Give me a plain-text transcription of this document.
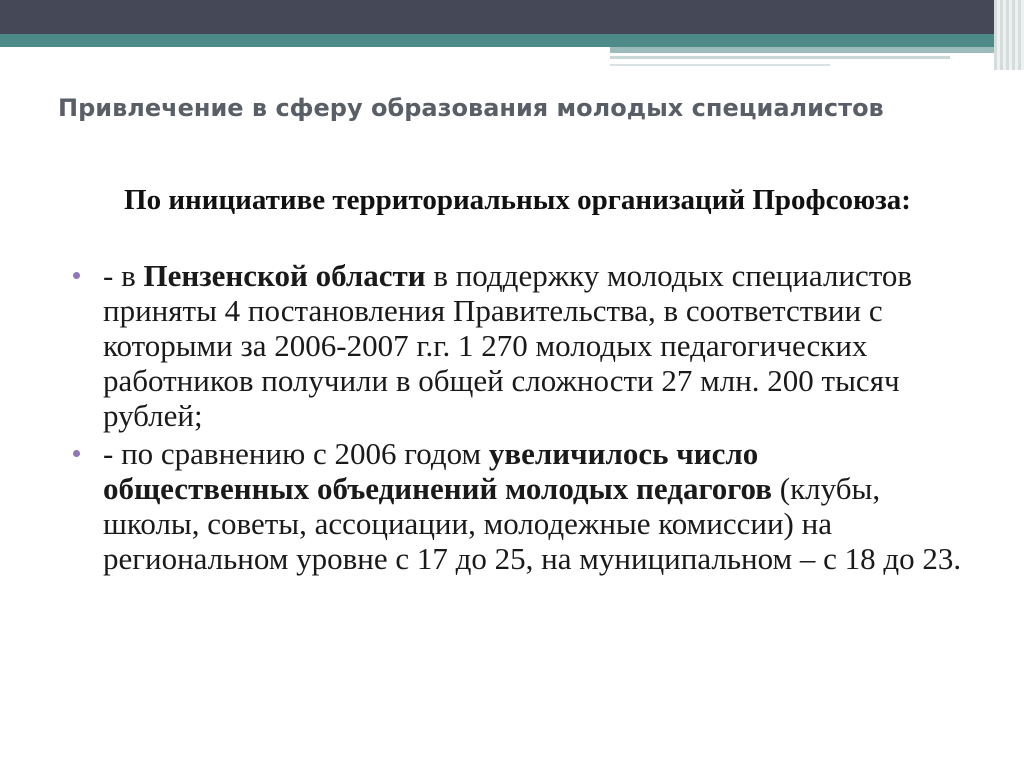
Привлечение в сферу образования молодых специалистов
По инициативе территориальных организаций Профсоюза:
- в Пензенской области в поддержку молодых специалистов приняты 4 постановления Правительства, в соответствии с которыми за 2006-2007 г.г. 1 270 молодых педагогических работников получили в общей сложности 27 млн. 200 тысяч рублей;
- по сравнению с 2006 годом увеличилось число общественных объединений молодых педагогов (клубы, школы, советы, ассоциации, молодежные комиссии) на региональном уровне с 17 до 25, на муниципальном – с 18 до 23.
